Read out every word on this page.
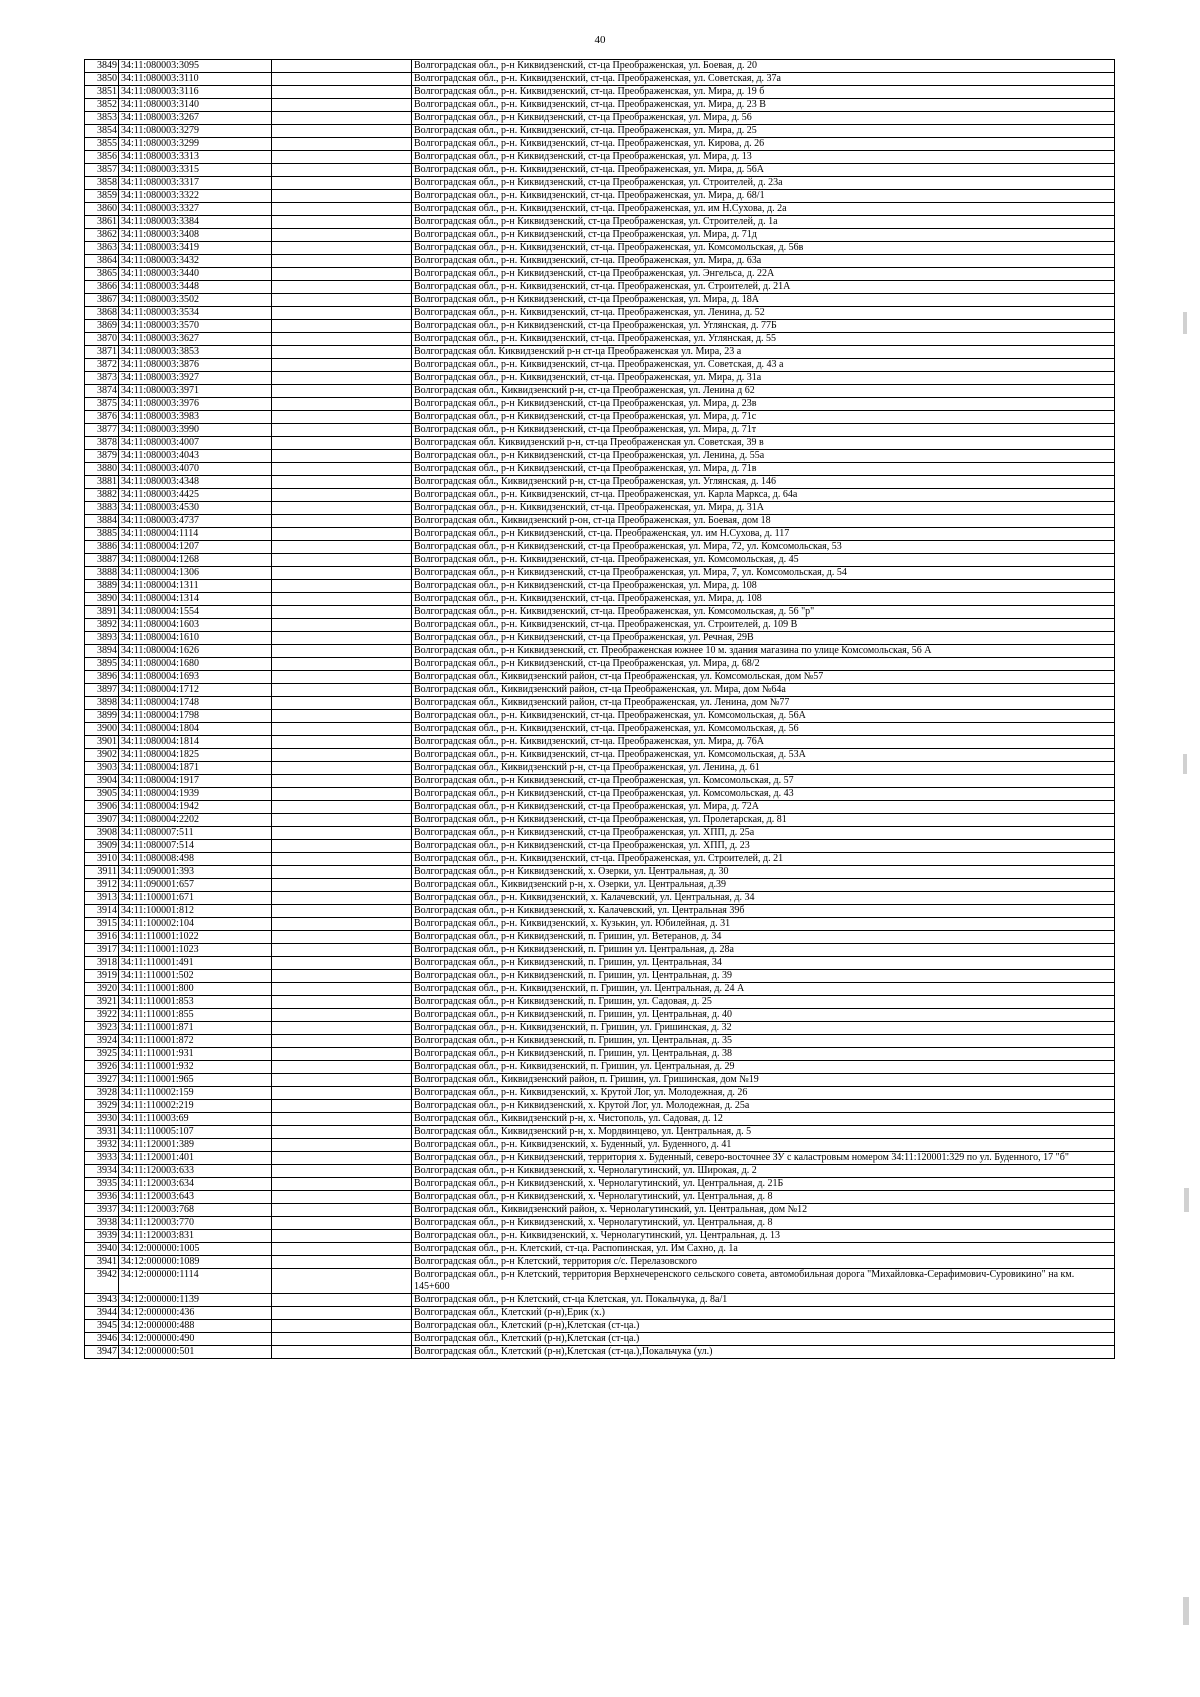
40
3849	34:11:080003:3095		Волгоградская обл., р-н Киквидзенский, ст-ца Преображенская, ул. Боевая, д. 20
3850	34:11:080003:3110		Волгоградская обл., р-н. Киквидзенский, ст-ца. Преображенская, ул. Советская, д. 37а
3851	34:11:080003:3116		Волгоградская обл., р-н. Киквидзенский, ст-ца. Преображенская, ул. Мира, д. 19 б
3852	34:11:080003:3140		Волгоградская обл., р-н. Киквидзенский, ст-ца. Преображенская, ул. Мира, д. 23 В
3853	34:11:080003:3267		Волгоградская обл., р-н Киквидзенский, ст-ца Преображенская, ул. Мира, д. 56
3854	34:11:080003:3279		Волгоградская обл., р-н. Киквидзенский, ст-ца. Преображенская, ул. Мира, д. 25
3855	34:11:080003:3299		Волгоградская обл., р-н. Киквидзенский, ст-ца. Преображенская, ул. Кирова, д. 26
3856	34:11:080003:3313		Волгоградская обл., р-н Киквидзенский, ст-ца Преображенская, ул. Мира, д. 13
3857	34:11:080003:3315		Волгоградская обл., р-н. Киквидзенский, ст-ца. Преображенская, ул. Мира, д. 56А
3858	34:11:080003:3317		Волгоградская обл., р-н Киквидзенский, ст-ца Преображенская, ул. Строителей, д. 23а
3859	34:11:080003:3322		Волгоградская обл., р-н. Киквидзенский, ст-ца. Преображенская, ул. Мира, д. 68/1
3860	34:11:080003:3327		Волгоградская обл., р-н. Киквидзенский, ст-ца. Преображенская, ул. им Н.Сухова, д. 2а
3861	34:11:080003:3384		Волгоградская обл., р-н Киквидзенский, ст-ца Преображенская, ул. Строителей, д. 1а
3862	34:11:080003:3408		Волгоградская обл., р-н Киквидзенский, ст-ца Преображенская, ул. Мира, д. 71д
3863	34:11:080003:3419		Волгоградская обл., р-н. Киквидзенский, ст-ца. Преображенская, ул. Комсомольская, д. 56в
3864	34:11:080003:3432		Волгоградская обл., р-н. Киквидзенский, ст-ца. Преображенская, ул. Мира, д. 63а
3865	34:11:080003:3440		Волгоградская обл., р-н Киквидзенский, ст-ца Преображенская, ул. Энгельса, д. 22А
3866	34:11:080003:3448		Волгоградская обл., р-н. Киквидзенский, ст-ца. Преображенская, ул. Строителей, д. 21А
3867	34:11:080003:3502		Волгоградская обл., р-н Киквидзенский, ст-ца Преображенская, ул. Мира, д. 18А
3868	34:11:080003:3534		Волгоградская обл., р-н. Киквидзенский, ст-ца. Преображенская, ул. Ленина, д. 52
3869	34:11:080003:3570		Волгоградская обл., р-н Киквидзенский, ст-ца Преображенская, ул. Углянская, д. 77Б
3870	34:11:080003:3627		Волгоградская обл., р-н. Киквидзенский, ст-ца. Преображенская, ул. Углянская, д. 55
3871	34:11:080003:3853		Волгоградская обл. Киквидзенский р-н ст-ца Преображенская ул. Мира, 23 а
3872	34:11:080003:3876		Волгоградская обл., р-н. Киквидзенский, ст-ца. Преображенская, ул. Советская, д. 43 а
3873	34:11:080003:3927		Волгоградская обл., р-н. Киквидзенский, ст-ца. Преображенская, ул. Мира, д. 31а
3874	34:11:080003:3971		Волгоградская обл., Киквидзенский р-н, ст-ца Преображенская, ул. Ленина д 62
3875	34:11:080003:3976		Волгоградская обл., р-н Киквидзенский, ст-ца Преображенская, ул. Мира, д. 23в
3876	34:11:080003:3983		Волгоградская обл., р-н Киквидзенский, ст-ца Преображенская, ул. Мира, д. 71с
3877	34:11:080003:3990		Волгоградская обл., р-н Киквидзенский, ст-ца Преображенская, ул. Мира, д. 71т
3878	34:11:080003:4007		Волгоградская обл. Киквидзенский р-н, ст-ца Преображенская ул. Советская, 39 в
3879	34:11:080003:4043		Волгоградская обл., р-н Киквидзенский, ст-ца Преображенская, ул. Ленина, д. 55а
3880	34:11:080003:4070		Волгоградская обл., р-н Киквидзенский, ст-ца Преображенская, ул. Мира, д. 71в
3881	34:11:080003:4348		Волгоградская обл., Киквидзенский р-н, ст-ца Преображенская, ул. Углянская, д. 146
3882	34:11:080003:4425		Волгоградская обл., р-н. Киквидзенский, ст-ца. Преображенская, ул. Карла Маркса, д. 64а
3883	34:11:080003:4530		Волгоградская обл., р-н. Киквидзенский, ст-ца. Преображенская, ул. Мира, д. 31А
3884	34:11:080003:4737		Волгоградская обл., Киквидзенский р-он, ст-ца Преображенская, ул. Боевая, дом 18
3885	34:11:080004:1114		Волгоградская обл., р-н Киквидзенский, ст-ца. Преображенская, ул. им Н.Сухова, д. 117
3886	34:11:080004:1207		Волгоградская обл., р-н Киквидзенский, ст-ца Преображенская, ул. Мира, 72, ул. Комсомольская, 53
3887	34:11:080004:1268		Волгоградская обл., р-н. Киквидзенский, ст-ца. Преображенская, ул. Комсомольская, д. 45
3888	34:11:080004:1306		Волгоградская обл., р-н Киквидзенский, ст-ца Преображенская, ул. Мира, 7, ул. Комсомольская, д. 54
3889	34:11:080004:1311		Волгоградская обл., р-н Киквидзенский, ст-ца Преображенская, ул. Мира, д. 108
3890	34:11:080004:1314		Волгоградская обл., р-н. Киквидзенский, ст-ца. Преображенская, ул. Мира, д. 108
3891	34:11:080004:1554		Волгоградская обл., р-н. Киквидзенский, ст-ца. Преображенская, ул. Комсомольская, д. 56 "р"
3892	34:11:080004:1603		Волгоградская обл., р-н. Киквидзенский, ст-ца. Преображенская, ул. Строителей, д. 109 В
3893	34:11:080004:1610		Волгоградская обл., р-н Киквидзенский, ст-ца Преображенская, ул. Речная, 29В
3894	34:11:080004:1626		Волгоградская обл., р-н Киквидзенский, ст. Преображенская южнее 10 м. здания магазина по улице Комсомольская, 56 А
3895	34:11:080004:1680		Волгоградская обл., р-н Киквидзенский, ст-ца Преображенская, ул. Мира, д. 68/2
3896	34:11:080004:1693		Волгоградская обл., Киквидзенский район, ст-ца Преображенская, ул. Комсомольская, дом №57
3897	34:11:080004:1712		Волгоградская обл., Киквидзенский район, ст-ца Преображенская, ул. Мира, дом №64а
3898	34:11:080004:1748		Волгоградская обл., Киквидзенский район, ст-ца Преображенская, ул. Ленина, дом №77
3899	34:11:080004:1798		Волгоградская обл., р-н. Киквидзенский, ст-ца. Преображенская, ул. Комсомольская, д. 56А
3900	34:11:080004:1804		Волгоградская обл., р-н. Киквидзенский, ст-ца. Преображенская, ул. Комсомольская, д. 56
3901	34:11:080004:1814		Волгоградская обл., р-н. Киквидзенский, ст-ца. Преображенская, ул. Мира, д. 76А
3902	34:11:080004:1825		Волгоградская обл., р-н. Киквидзенский, ст-ца. Преображенская, ул. Комсомольская, д. 53А
3903	34:11:080004:1871		Волгоградская обл., Киквидзенский р-н, ст-ца Преображенская, ул. Ленина, д. 61
3904	34:11:080004:1917		Волгоградская обл., р-н Киквидзенский, ст-ца Преображенская, ул. Комсомольская, д. 57
3905	34:11:080004:1939		Волгоградская обл., р-н Киквидзенский, ст-ца Преображенская, ул. Комсомольская, д. 43
3906	34:11:080004:1942		Волгоградская обл., р-н Киквидзенский, ст-ца Преображенская, ул. Мира, д. 72А
3907	34:11:080004:2202		Волгоградская обл., р-н Киквидзенский, ст-ца Преображенская, ул. Пролетарская, д. 81
3908	34:11:080007:511		Волгоградская обл., р-н Киквидзенский, ст-ца Преображенская, ул. ХПП, д. 25а
3909	34:11:080007:514		Волгоградская обл., р-н Киквидзенский, ст-ца Преображенская, ул. ХПП, д. 23
3910	34:11:080008:498		Волгоградская обл., р-н. Киквидзенский, ст-ца. Преображенская, ул. Строителей, д. 21
3911	34:11:090001:393		Волгоградская обл., р-н Киквидзенский, х. Озерки, ул. Центральная, д. 30
3912	34:11:090001:657		Волгоградская обл., Киквидзенский р-н, х. Озерки, ул. Центральная, д.39
3913	34:11:100001:671		Волгоградская обл., р-н. Киквидзенский, х. Калачевский, ул. Центральная, д. 34
3914	34:11:100001:812		Волгоградская обл., р-н Киквидзенский, х. Калачевский, ул. Центральная 39б
3915	34:11:100002:104		Волгоградская обл., р-н. Киквидзенский, х. Кузькин, ул. Юбилейная, д. 31
3916	34:11:110001:1022		Волгоградская обл., р-н Киквидзенский, п. Гришин, ул. Ветеранов, д. 34
3917	34:11:110001:1023		Волгоградская обл., р-н Киквидзенский, п. Гришин ул. Центральная, д. 28а
3918	34:11:110001:491		Волгоградская обл., р-н Киквидзенский, п. Гришин, ул. Центральная, 34
3919	34:11:110001:502		Волгоградская обл., р-н Киквидзенский, п. Гришин, ул. Центральная, д. 39
3920	34:11:110001:800		Волгоградская обл., р-н. Киквидзенский, п. Гришин, ул. Центральная, д. 24 А
3921	34:11:110001:853		Волгоградская обл., р-н Киквидзенский, п. Гришин, ул. Садовая, д. 25
3922	34:11:110001:855		Волгоградская обл., р-н Киквидзенский, п. Гришин, ул. Центральная, д. 40
3923	34:11:110001:871		Волгоградская обл., р-н. Киквидзенский, п. Гришин, ул. Гришинская, д. 32
3924	34:11:110001:872		Волгоградская обл., р-н Киквидзенский, п. Гришин, ул. Центральная, д. 35
3925	34:11:110001:931		Волгоградская обл., р-н Киквидзенский, п. Гришин, ул. Центральная, д. 38
3926	34:11:110001:932		Волгоградская обл., р-н. Киквидзенский, п. Гришин, ул. Центральная, д. 29
3927	34:11:110001:965		Волгоградская обл., Киквидзенский район, п. Гришин, ул. Гришинская, дом №19
3928	34:11:110002:159		Волгоградская обл., р-н. Киквидзенский, х. Крутой Лог, ул. Молодежная, д. 26
3929	34:11:110002:219		Волгоградская обл., р-н Киквидзенский, х. Крутой Лог, ул. Молодежная, д. 25а
3930	34:11:110003:69		Волгоградская обл., Киквидзенский р-н, х. Чистополь, ул. Садовая, д. 12
3931	34:11:110005:107		Волгоградская обл., Киквидзенский р-н, х. Мордвинцево, ул. Центральная, д. 5
3932	34:11:120001:389		Волгоградская обл., р-н. Киквидзенский, х. Буденный, ул. Буденного, д. 41
3933	34:11:120001:401		Волгоградская обл., р-н Киквидзенский, территория х. Буденный, северо-восточнее ЗУ с каластровым номером 34:11:120001:329 по ул. Буденного, 17 "б"
3934	34:11:120003:633		Волгоградская обл., р-н Киквидзенский, х. Чернолагутинский, ул. Широкая, д. 2
3935	34:11:120003:634		Волгоградская обл., р-н Киквидзенский, х. Чернолагутинский, ул. Центральная, д. 21Б
3936	34:11:120003:643		Волгоградская обл., р-н Киквидзенский, х. Чернолагутинский, ул. Центральная, д. 8
3937	34:11:120003:768		Волгоградская обл., Киквидзенский район, х. Чернолагутинский, ул. Центральная, дом №12
3938	34:11:120003:770		Волгоградская обл., р-н Киквидзенский, х. Чернолагутинский, ул. Центральная, д. 8
3939	34:11:120003:831		Волгоградская обл., р-н. Киквидзенский, х. Чернолагутинский, ул. Центральная, д. 13
3940	34:12:000000:1005		Волгоградская обл., р-н. Клетский, ст-ца. Распопинская, ул. Им Сахно, д. 1а
3941	34:12:000000:1089		Волгоградская обл., р-н Клетский, территория с/с. Перелазовского
3942	34:12:000000:1114		Волгоградская обл., р-н Клетский, территория Верхнечеренского сельского совета, автомобильная дорога "Михайловка-Серафимович-Суровикино" на км. 145+600
3943	34:12:000000:1139		Волгоградская обл., р-н Клетский, ст-ца Клетская, ул. Покальчука, д. 8а/1
3944	34:12:000000:436		Волгоградская обл., Клетский (р-н),Ерик (х.)
3945	34:12:000000:488		Волгоградская обл., Клетский (р-н),Клетская (ст-ца.)
3946	34:12:000000:490		Волгоградская обл., Клетский (р-н),Клетская (ст-ца.)
3947	34:12:000000:501		Волгоградская обл., Клетский (р-н),Клетская (ст-ца.),Покальчука (ул.)
